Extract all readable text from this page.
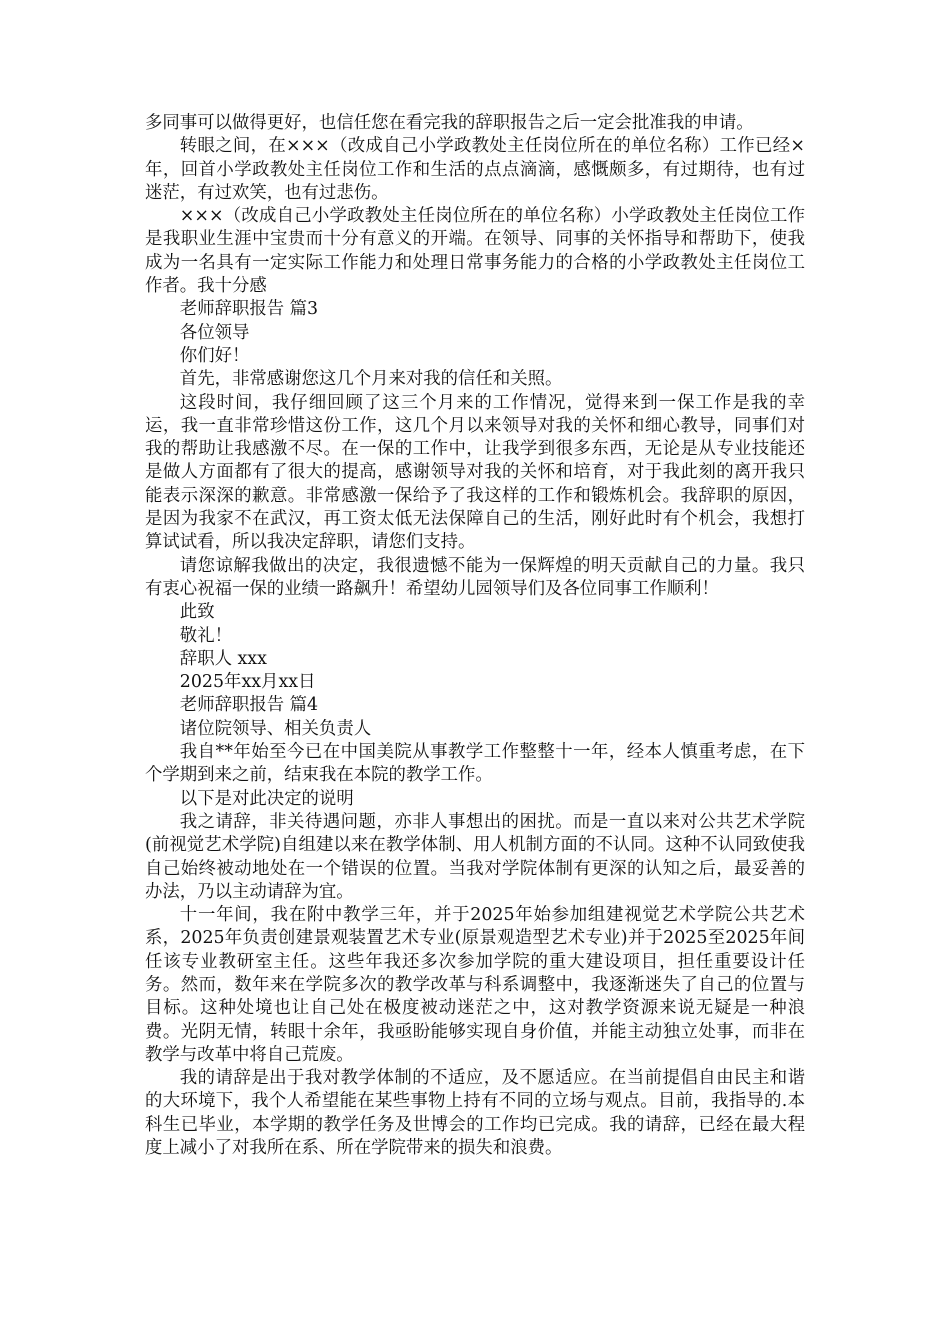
多同事可以做得更好，也信任您在看完我的辞职报告之后一定会批准我的申请。

转眼之间，在×××（改成自己小学政教处主任岗位所在的单位名称）工作已经×年，回首小学政教处主任岗位工作和生活的点点滴滴，感慨颇多，有过期待，也有过迷茫，有过欢笑，也有过悲伤。

×××（改成自己小学政教处主任岗位所在的单位名称）小学政教处主任岗位工作是我职业生涯中宝贵而十分有意义的开端。在领导、同事的关怀指导和帮助下，使我成为一名具有一定实际工作能力和处理日常事务能力的合格的小学政教处主任岗位工作者。我十分感

老师辞职报告 篇3

各位领导

你们好！

首先，非常感谢您这几个月来对我的信任和关照。

这段时间，我仔细回顾了这三个月来的工作情况，觉得来到一保工作是我的幸运，我一直非常珍惜这份工作，这几个月以来领导对我的关怀和细心教导，同事们对我的帮助让我感激不尽。在一保的工作中，让我学到很多东西，无论是从专业技能还是做人方面都有了很大的提高，感谢领导对我的关怀和培育，对于我此刻的离开我只能表示深深的歉意。非常感激一保给予了我这样的工作和锻炼机会。我辞职的原因，是因为我家不在武汉，再工资太低无法保障自己的生活，刚好此时有个机会，我想打算试试看，所以我决定辞职，请您们支持。

请您谅解我做出的决定，我很遗憾不能为一保辉煌的明天贡献自己的力量。我只有衷心祝福一保的业绩一路飙升！希望幼儿园领导们及各位同事工作顺利！

此致

敬礼！

辞职人 xxx

2025年xx月xx日

老师辞职报告 篇4

诸位院领导、相关负责人

我自**年始至今已在中国美院从事教学工作整整十一年，经本人慎重考虑，在下个学期到来之前，结束我在本院的教学工作。

以下是对此决定的说明

我之请辞，非关待遇问题，亦非人事想出的困扰。而是一直以来对公共艺术学院(前视觉艺术学院)自组建以来在教学体制、用人机制方面的不认同。这种不认同致使我自己始终被动地处在一个错误的位置。当我对学院体制有更深的认知之后，最妥善的办法，乃以主动请辞为宜。

十一年间，我在附中教学三年，并于2025年始参加组建视觉艺术学院公共艺术系，2025年负责创建景观装置艺术专业(原景观造型艺术专业)并于2025至2025年间任该专业教研室主任。这些年我还多次参加学院的重大建设项目，担任重要设计任务。然而，数年来在学院多次的教学改革与科系调整中，我逐渐迷失了自己的位置与目标。这种处境也让自己处在极度被动迷茫之中，这对教学资源来说无疑是一种浪费。光阴无情，转眼十余年，我亟盼能够实现自身价值，并能主动独立处事，而非在教学与改革中将自己荒废。

我的请辞是出于我对教学体制的不适应，及不愿适应。在当前提倡自由民主和谐的大环境下，我个人希望能在某些事物上持有不同的立场与观点。目前，我指导的.本科生已毕业，本学期的教学任务及世博会的工作均已完成。我的请辞，已经在最大程度上减小了对我所在系、所在学院带来的损失和浪费。
